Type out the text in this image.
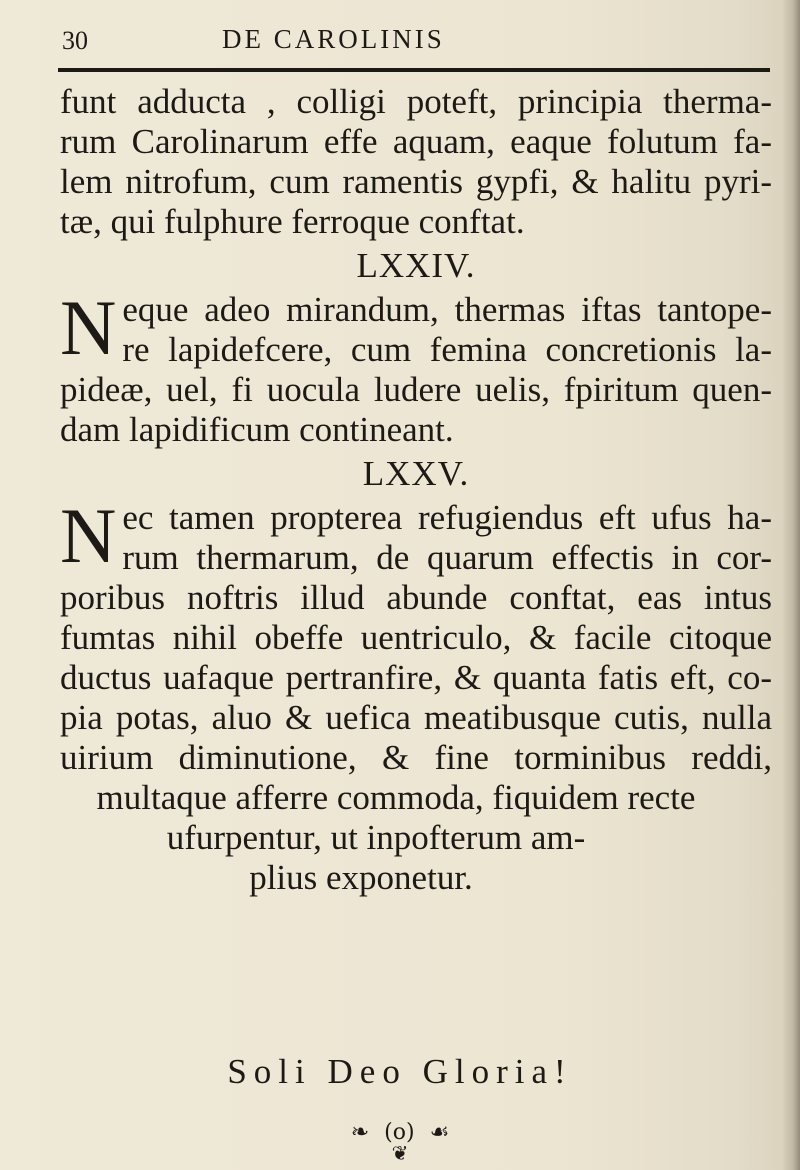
30	DE CAROLINIS
funt adducta , colligi poteft, principia therma-
rum Carolinarum effe aquam, eaque folutum fa-
lem nitrofum, cum ramentis gypfi, & halitu pyri-
tæ, qui fulphure ferroque conftat.
LXXIV.
N eque adeo mirandum, thermas iftas tantope-
re lapidefcere, cum femina concretionis la-
pideæ, uel, fi uocula ludere uelis, fpiritum quen-
dam lapidificum contineant.
LXXV.
N ec tamen propterea refugiendus eft ufus ha-
rum thermarum, de quarum effectis in cor-
poribus noftris illud abunde conftat, eas intus
fumtas nihil obeffe uentriculo, & facile citoque
ductus uafaque pertranfire, & quanta fatis eft, co-
pia potas, aluo & uefica meatibusque cutis, nulla
uirium diminutione, & fine torminibus reddi,
multaque afferre commoda, fiquidem recte
ufurpentur, ut inpofterum am-
plius exponetur.
Soli Deo Gloria!
❧ (o) ☙
❦
